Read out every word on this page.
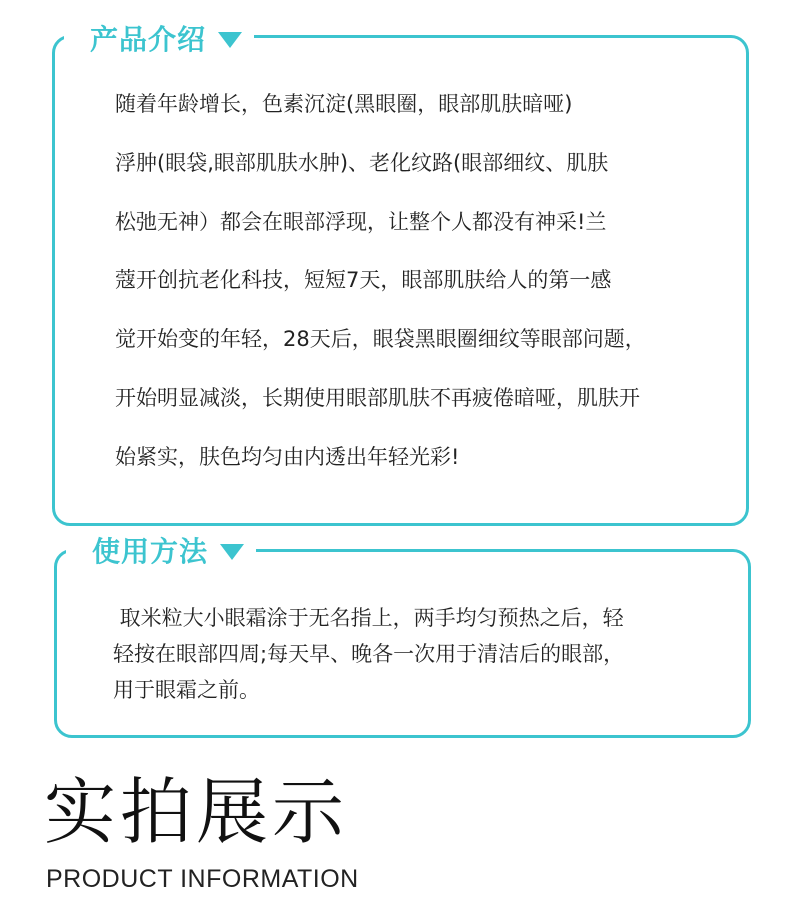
产品介绍
随着年龄增长，色素沉淀(黑眼圈，眼部肌肤暗哑)
浮肿(眼袋,眼部肌肤水肿)、老化纹路(眼部细纹、肌肤
松弛无神）都会在眼部浮现，让整个人都没有神采!兰
蔻开创抗老化科技，短短7天，眼部肌肤给人的第一感
觉开始变的年轻，28天后，眼袋黑眼圈细纹等眼部问题，
开始明显减淡，长期使用眼部肌肤不再疲倦暗哑，肌肤开
始紧实，肤色均匀由内透出年轻光彩!
使用方法
取米粒大小眼霜涂于无名指上，两手均匀预热之后，轻
轻按在眼部四周;每天早、晚各一次用于清洁后的眼部，
用于眼霜之前。
实拍展示
PRODUCT INFORMATION
